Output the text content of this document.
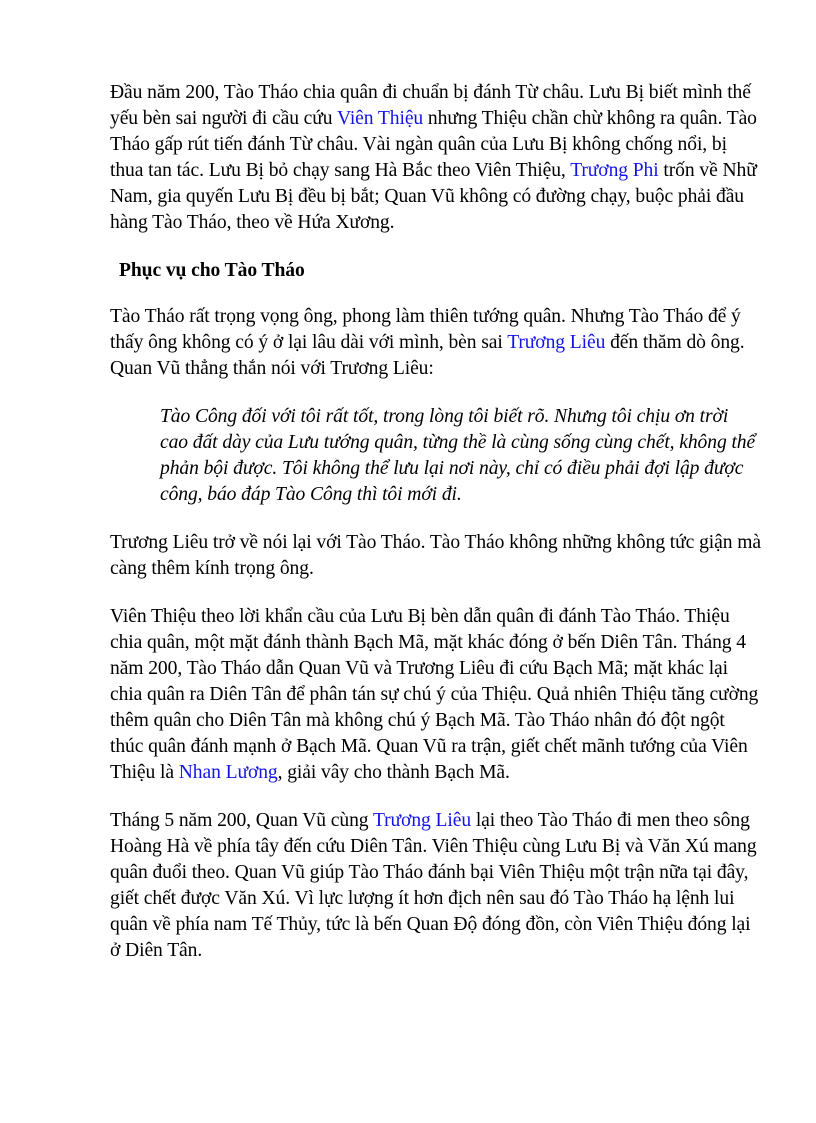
Đầu năm 200, Tào Tháo chia quân đi chuẩn bị đánh Từ châu. Lưu Bị biết mình thế yếu bèn sai người đi cầu cứu Viên Thiệu nhưng Thiệu chần chừ không ra quân. Tào Tháo gấp rút tiến đánh Từ châu. Vài ngàn quân của Lưu Bị không chống nổi, bị thua tan tác. Lưu Bị bỏ chạy sang Hà Bắc theo Viên Thiệu, Trương Phi trốn về Nhữ Nam, gia quyến Lưu Bị đều bị bắt; Quan Vũ không có đường chạy, buộc phải đầu hàng Tào Tháo, theo về Hứa Xương.

Phục vụ cho Tào Tháo

Tào Tháo rất trọng vọng ông, phong làm thiên tướng quân. Nhưng Tào Tháo để ý thấy ông không có ý ở lại lâu dài với mình, bèn sai Trương Liêu đến thăm dò ông. Quan Vũ thẳng thắn nói với Trương Liêu:

Tào Công đối với tôi rất tốt, trong lòng tôi biết rõ. Nhưng tôi chịu ơn trời cao đất dày của Lưu tướng quân, từng thề là cùng sống cùng chết, không thể phản bội được. Tôi không thể lưu lại nơi này, chỉ có điều phải đợi lập được công, báo đáp Tào Công thì tôi mới đi.

Trương Liêu trở về nói lại với Tào Tháo. Tào Tháo không những không tức giận mà càng thêm kính trọng ông.

Viên Thiệu theo lời khẩn cầu của Lưu Bị bèn dẫn quân đi đánh Tào Tháo. Thiệu chia quân, một mặt đánh thành Bạch Mã, mặt khác đóng ở bến Diên Tân. Tháng 4 năm 200, Tào Tháo dẫn Quan Vũ và Trương Liêu đi cứu Bạch Mã; mặt khác lại chia quân ra Diên Tân để phân tán sự chú ý của Thiệu. Quả nhiên Thiệu tăng cường thêm quân cho Diên Tân mà không chú ý Bạch Mã. Tào Tháo nhân đó đột ngột thúc quân đánh mạnh ở Bạch Mã. Quan Vũ ra trận, giết chết mãnh tướng của Viên Thiệu là Nhan Lương, giải vây cho thành Bạch Mã.

Tháng 5 năm 200, Quan Vũ cùng Trương Liêu lại theo Tào Tháo đi men theo sông Hoàng Hà về phía tây đến cứu Diên Tân. Viên Thiệu cùng Lưu Bị và Văn Xú mang quân đuổi theo. Quan Vũ giúp Tào Tháo đánh bại Viên Thiệu một trận nữa tại đây, giết chết được Văn Xú. Vì lực lượng ít hơn địch nên sau đó Tào Tháo hạ lệnh lui quân về phía nam Tế Thủy, tức là bến Quan Độ đóng đồn, còn Viên Thiệu đóng lại ở Diên Tân.
